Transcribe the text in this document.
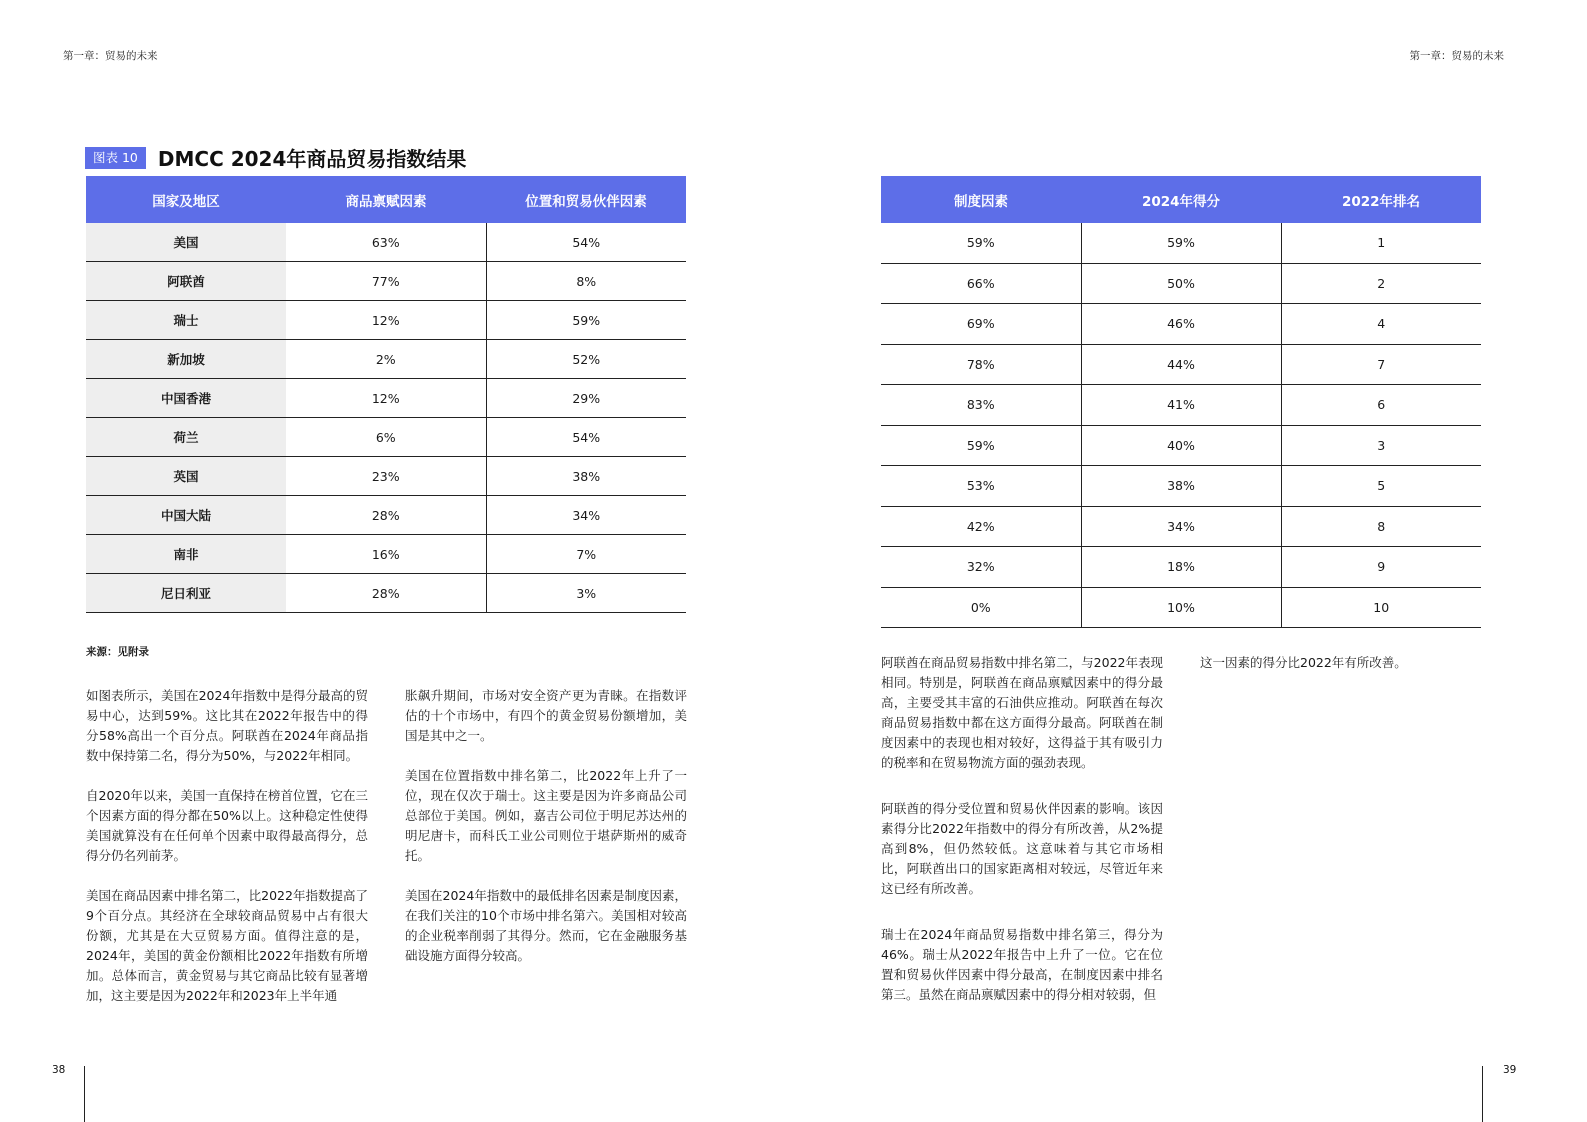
第一章：贸易的未来	第一章：贸易的未来
图表 10	DMCC 2024年商品贸易指数结果
国家及地区	商品禀赋因素	位置和贸易伙伴因素
美国	63%	54%
阿联酋	77%	8%
瑞士	12%	59%
新加坡	2%	52%
中国香港	12%	29%
荷兰	6%	54%
英国	23%	38%
中国大陆	28%	34%
南非	16%	7%
尼日利亚	28%	3%
制度因素	2024年得分	2022年排名
59%	59%	1
66%	50%	2
69%	46%	4
78%	44%	7
83%	41%	6
59%	40%	3
53%	38%	5
42%	34%	8
32%	18%	9
0%	10%	10
来源：见附录

如图表所示，美国在2024年指数中是得分最高的贸易中心，达到59%。这比其在2022年报告中的得分58%高出一个百分点。阿联酋在2024年商品指数中保持第二名，得分为50%，与2022年相同。

自2020年以来，美国一直保持在榜首位置，它在三个因素方面的得分都在50%以上。这种稳定性使得美国就算没有在任何单个因素中取得最高得分，总得分仍名列前茅。

美国在商品因素中排名第二，比2022年指数提高了9个百分点。其经济在全球较商品贸易中占有很大份额，尤其是在大豆贸易方面。值得注意的是，2024年，美国的黄金份额相比2022年指数有所增加。总体而言，黄金贸易与其它商品比较有显著增加，这主要是因为2022年和2023年上半年通

胀飙升期间，市场对安全资产更为青睐。在指数评估的十个市场中，有四个的黄金贸易份额增加，美国是其中之一。

美国在位置指数中排名第二，比2022年上升了一位，现在仅次于瑞士。这主要是因为许多商品公司总部位于美国。例如，嘉吉公司位于明尼苏达州的明尼唐卡，而科氏工业公司则位于堪萨斯州的威奇托。

美国在2024年指数中的最低排名因素是制度因素，在我们关注的10个市场中排名第六。美国相对较高的企业税率削弱了其得分。然而，它在金融服务基础设施方面得分较高。

阿联酋在商品贸易指数中排名第二，与2022年表现相同。特别是，阿联酋在商品禀赋因素中的得分最高，主要受其丰富的石油供应推动。阿联酋在每次商品贸易指数中都在这方面得分最高。阿联酋在制度因素中的表现也相对较好，这得益于其有吸引力的税率和在贸易物流方面的强劲表现。

阿联酋的得分受位置和贸易伙伴因素的影响。该因素得分比2022年指数中的得分有所改善，从2%提高到8%，但仍然较低。这意味着与其它市场相比，阿联酋出口的国家距离相对较远，尽管近年来这已经有所改善。

瑞士在2024年商品贸易指数中排名第三，得分为46%。瑞士从2022年报告中上升了一位。它在位置和贸易伙伴因素中得分最高，在制度因素中排名第三。虽然在商品禀赋因素中的得分相对较弱，但

这一因素的得分比2022年有所改善。

38	39
